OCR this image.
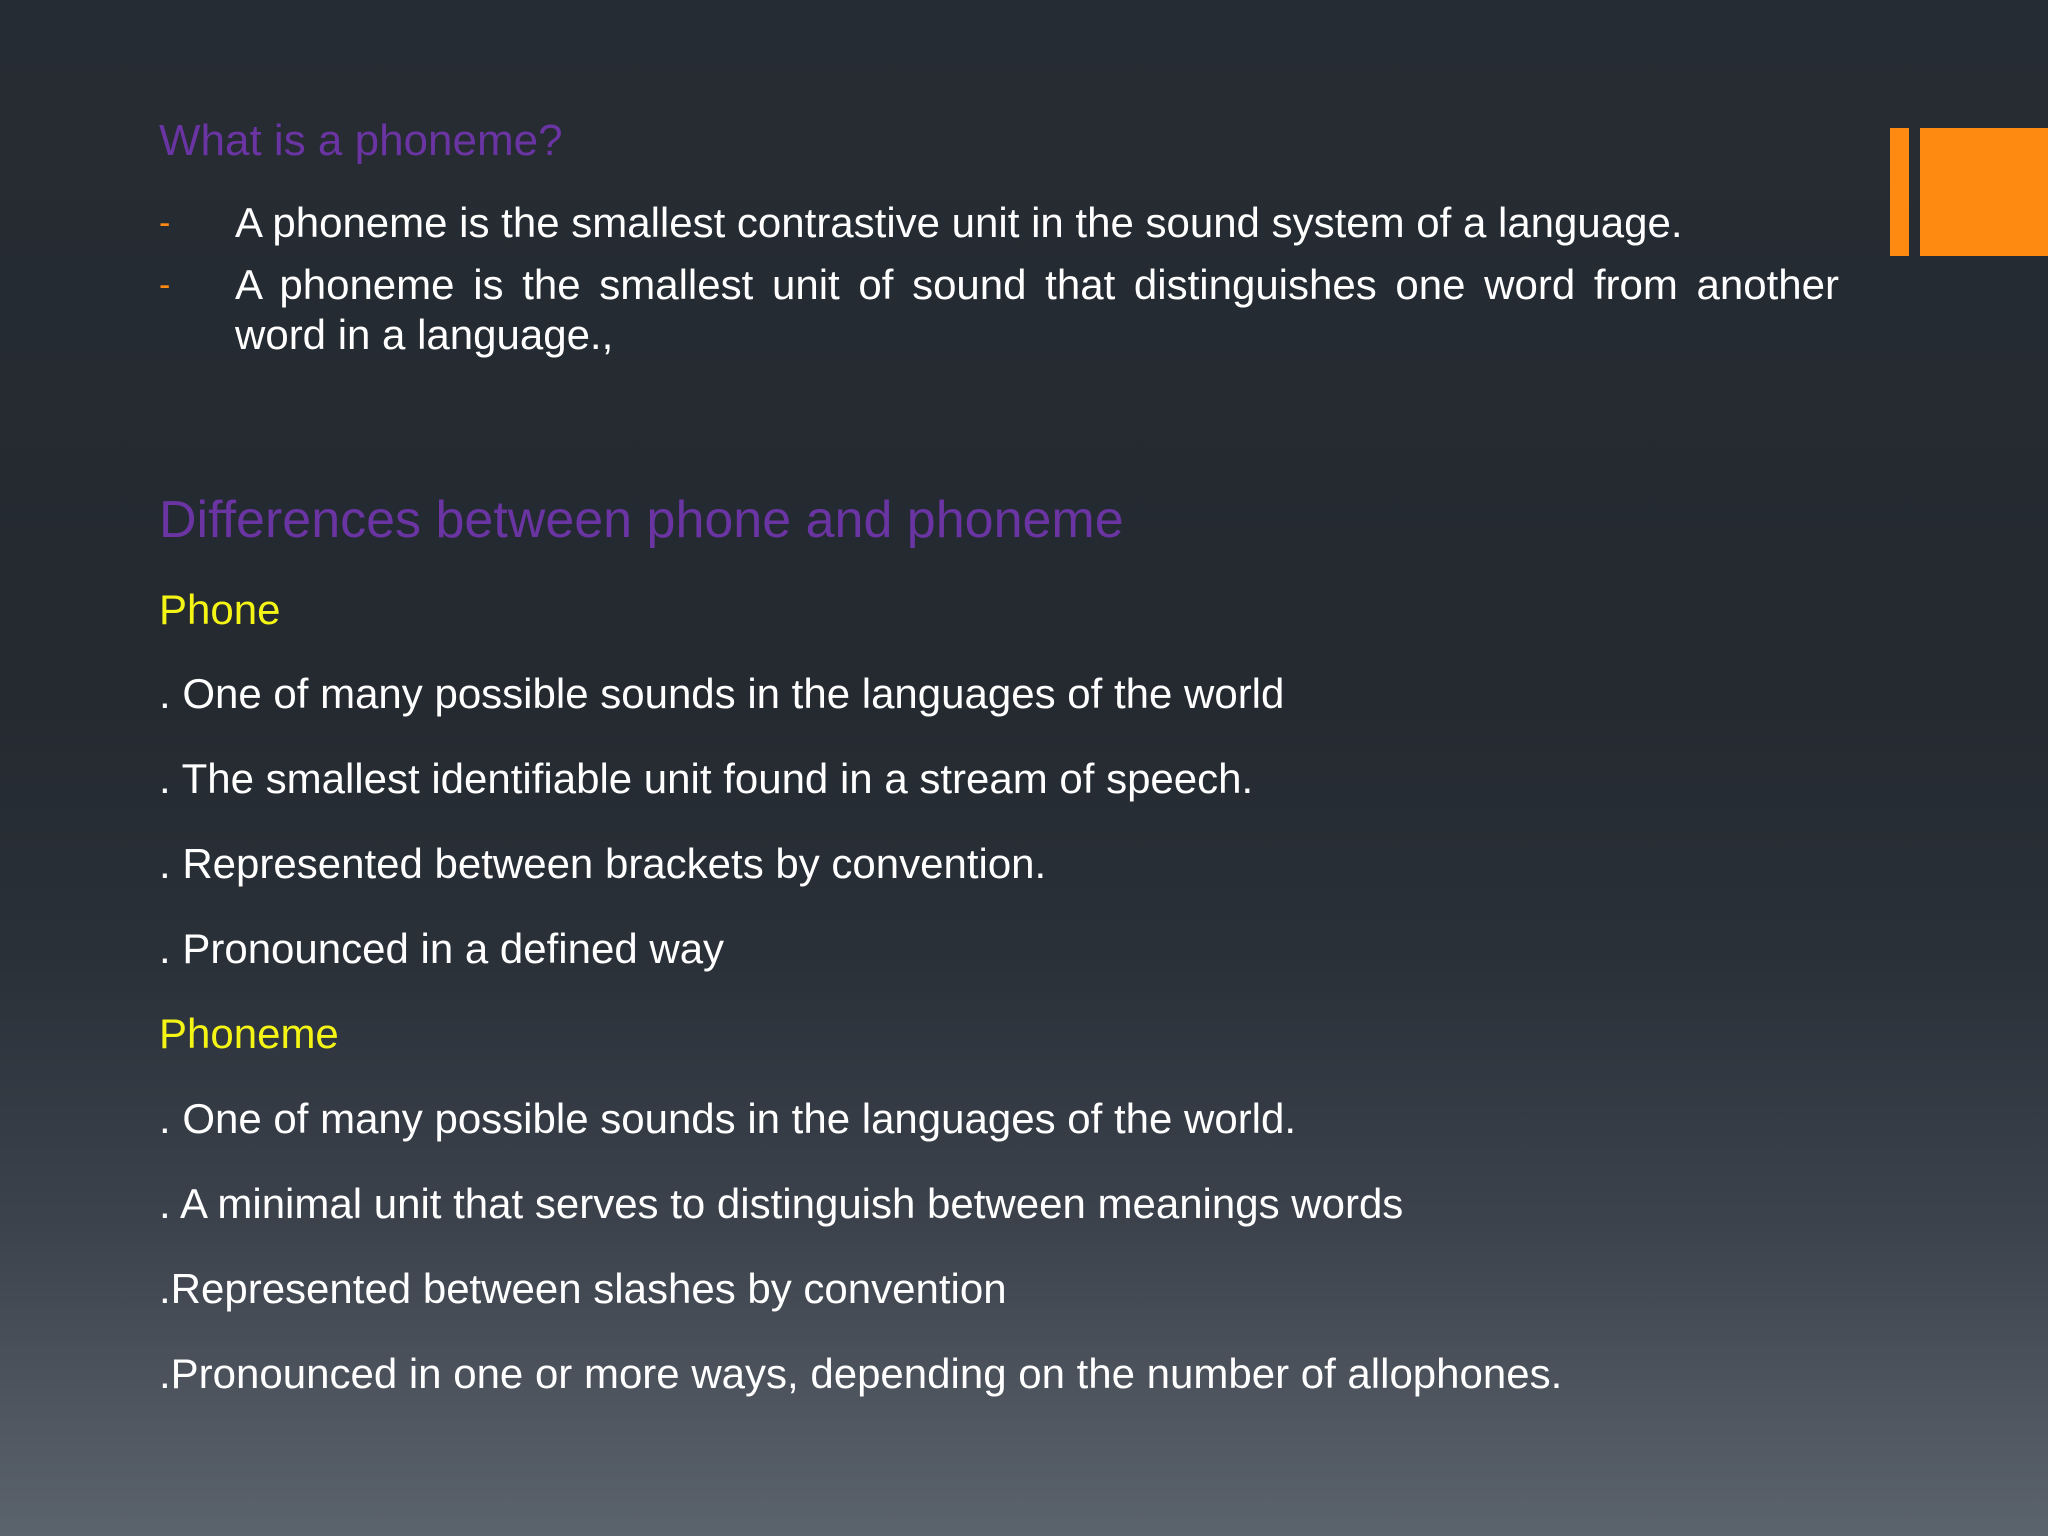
What is a phoneme?
- A phoneme is the smallest contrastive unit in the sound system of a language.
- A phoneme is the smallest unit of sound that distinguishes one word from another word in a language.,
Differences between phone and phoneme
Phone
. One of many possible sounds in the languages of the world
. The smallest identifiable unit found in a stream of speech.
. Represented between brackets by convention.
. Pronounced in a defined way
Phoneme
. One of many possible sounds in the languages of the world.
. A minimal unit that serves to distinguish between meanings words
.Represented between slashes by convention
.Pronounced in one or more ways, depending on the number of allophones.
